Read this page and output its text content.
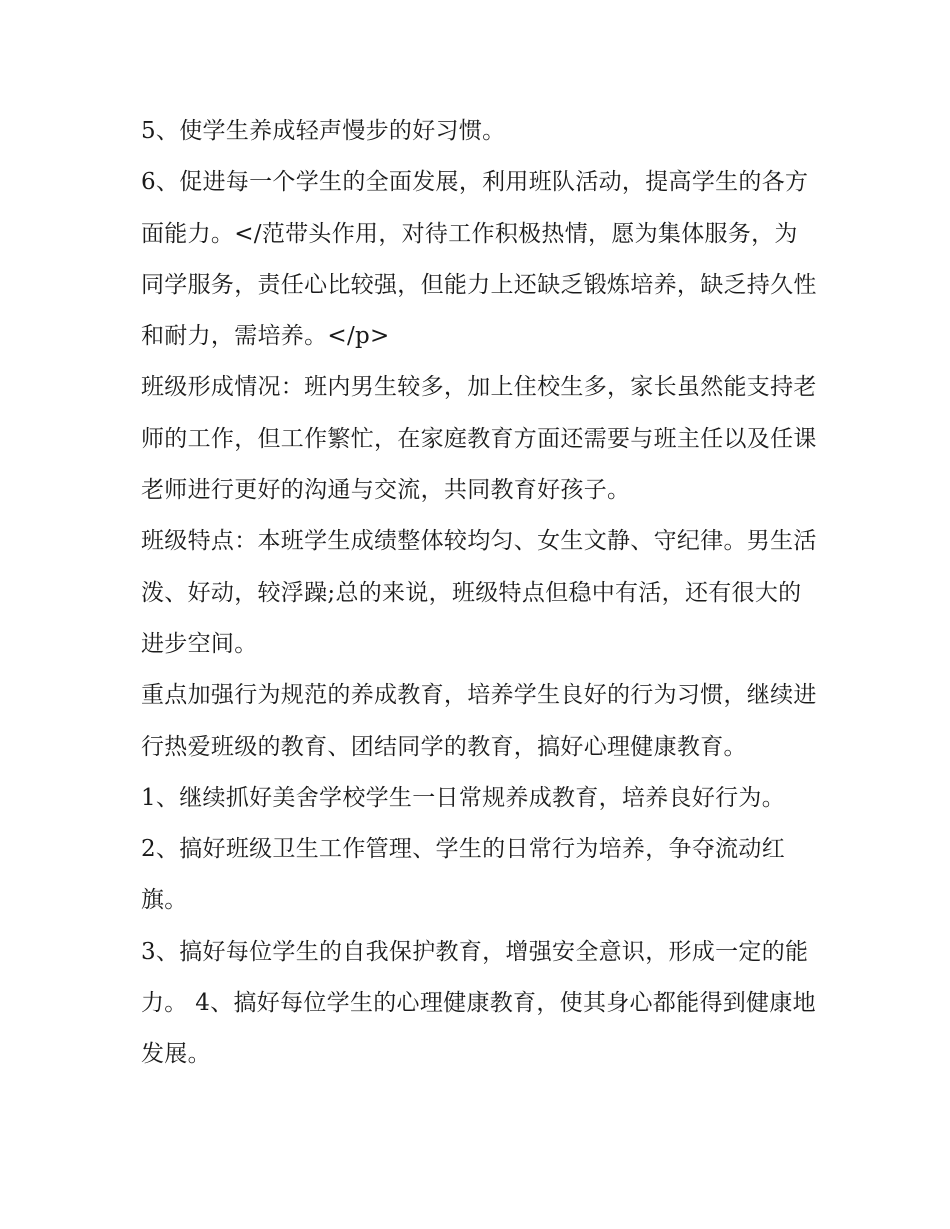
5、使学生养成轻声慢步的好习惯。

6、促进每一个学生的全面发展，利用班队活动，提高学生的各方面能力。</范带头作用，对待工作积极热情，愿为集体服务，为同学服务，责任心比较强，但能力上还缺乏锻炼培养，缺乏持久性和耐力，需培养。</p>

班级形成情况：班内男生较多，加上住校生多，家长虽然能支持老师的工作，但工作繁忙，在家庭教育方面还需要与班主任以及任课老师进行更好的沟通与交流，共同教育好孩子。

班级特点：本班学生成绩整体较均匀、女生文静、守纪律。男生活泼、好动，较浮躁;总的来说，班级特点但稳中有活，还有很大的进步空间。

重点加强行为规范的养成教育，培养学生良好的行为习惯，继续进行热爱班级的教育、团结同学的教育，搞好心理健康教育。

1、继续抓好美舍学校学生一日常规养成教育，培养良好行为。 2、搞好班级卫生工作管理、学生的日常行为培养，争夺流动红旗。

3、搞好每位学生的自我保护教育，增强安全意识，形成一定的能力。 4、搞好每位学生的心理健康教育，使其身心都能得到健康地发展。
